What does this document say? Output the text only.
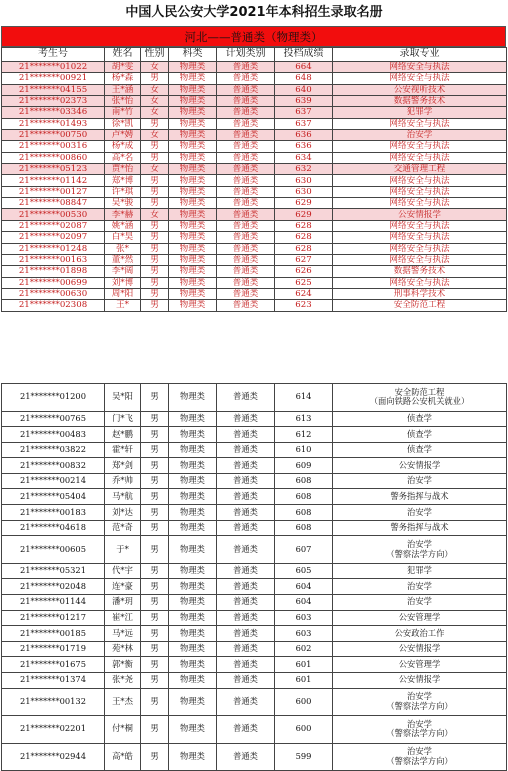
中国人民公安大学2021年本科招生录取名册
河北——普通类（物理类）
考生号	姓名	性别	科类	计划类别	投档成绩	录取专业
21*******01022	胡*雯	女	物理类	普通类	664	网络安全与执法
21*******00921	杨*森	男	物理类	普通类	648	网络安全与执法
21*******04155	王*涵	女	物理类	普通类	640	公安视听技术
21*******02373	张*怡	女	物理类	普通类	639	数据警务技术
21*******03346	南*竹	女	物理类	普通类	637	犯罪学
21*******01493	徐*凯	男	物理类	普通类	637	网络安全与执法
21*******00750	卢*娉	女	物理类	普通类	636	治安学
21*******00316	杨*成	男	物理类	普通类	636	网络安全与执法
21*******00860	高*名	男	物理类	普通类	634	网络安全与执法
21*******05123	贾*怡	女	物理类	普通类	632	交通管理工程
21*******01142	郑*博	男	物理类	普通类	630	网络安全与执法
21*******00127	许*琪	男	物理类	普通类	630	网络安全与执法
21*******08847	吴*骏	男	物理类	普通类	629	网络安全与执法
21*******00530	李*赫	女	物理类	普通类	629	公安情报学
21*******02087	姚*涵	男	物理类	普通类	628	网络安全与执法
21*******02097	白*昊	男	物理类	普通类	628	网络安全与执法
21*******01248	张*	男	物理类	普通类	628	网络安全与执法
21*******00163	董*然	男	物理类	普通类	627	网络安全与执法
21*******01898	李*阔	男	物理类	普通类	626	数据警务技术
21*******00699	刘*博	男	物理类	普通类	625	网络安全与执法
21*******00630	周*阳	男	物理类	普通类	624	刑事科学技术
21*******02308	王*	男	物理类	普通类	623	安全防范工程
21*******01200	吴*阳	男	物理类	普通类	614	安全防范工程
（面向铁路公安机关就业）

21*******00765	门*飞	男	物理类	普通类	613	侦查学

21*******00483	赵*鹏	男	物理类	普通类	612	侦查学

21*******03822	霍*轩	男	物理类	普通类	610	侦查学

21*******00832	郑*剑	男	物理类	普通类	609	公安情报学

21*******00214	乔*帅	男	物理类	普通类	608	治安学

21*******05404	马*航	男	物理类	普通类	608	警务指挥与战术

21*******00183	刘*达	男	物理类	普通类	608	治安学

21*******04618	范*奇	男	物理类	普通类	608	警务指挥与战术

21*******00605	于*	男	物理类	普通类	607	治安学
（警察法学方向）

21*******05321	代*宇	男	物理类	普通类	605	犯罪学

21*******02048	连*豪	男	物理类	普通类	604	治安学

21*******01144	潘*玥	男	物理类	普通类	604	治安学

21*******01217	崔*江	男	物理类	普通类	603	公安管理学

21*******00185	马*远	男	物理类	普通类	603	公安政治工作

21*******01719	苑*林	男	物理类	普通类	602	公安情报学

21*******01675	郭*衡	男	物理类	普通类	601	公安管理学

21*******01374	张*尧	男	物理类	普通类	601	公安情报学

21*******00132	王*杰	男	物理类	普通类	600	治安学
（警察法学方向）

21*******02201	付*桐	男	物理类	普通类	600	治安学
（警察法学方向）

21*******02944	高*皓	男	物理类	普通类	599	治安学
（警察法学方向）
